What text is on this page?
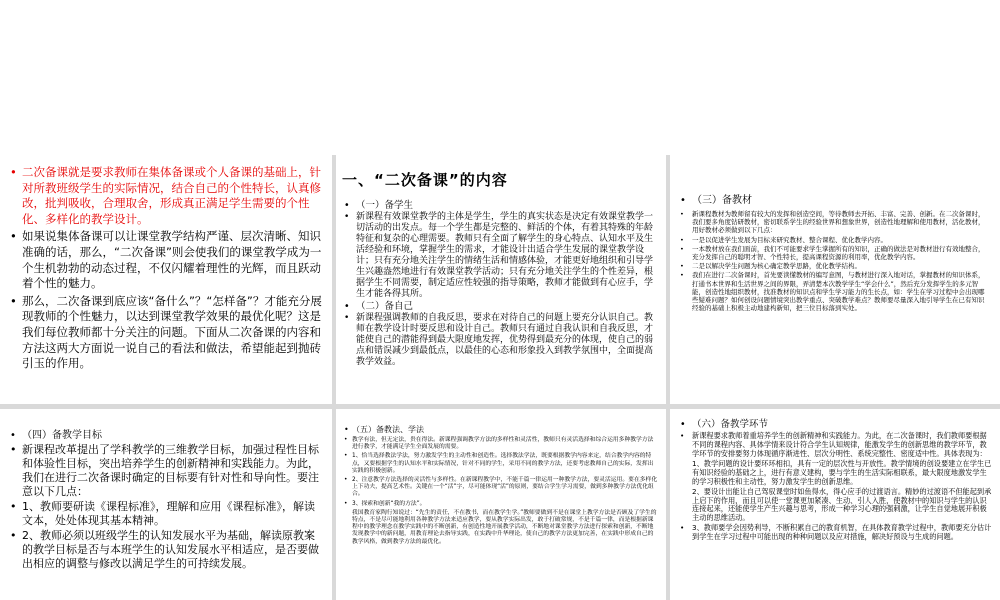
• 二次备课就是要求教师在集体备课或个人备课的基础上，针对所教班级学生的实际情况，结合自己的个性特长，认真修改，批判吸收，合理取舍，形成真正满足学生需要的个性化、多样化的教学设计。
• 如果说集体备课可以让课堂教学结构严谨、层次清晰、知识准确的话，那么，“二次备课”则会使我们的课堂教学成为一个生机勃勃的动态过程，不仅闪耀着理性的光辉，而且跃动着个性的魅力。
• 那么，二次备课到底应该“备什么”？“怎样备”？才能充分展现教师的个性魅力，以达到课堂教学效果的最优化呢？这是我们每位教师都十分关注的问题。下面从二次备课的内容和方法这两大方面说一说自己的看法和做法，希望能起到抛砖引玉的作用。
一、“二次备课”的内容
• （一）备学生
• 新课程有效课堂教学的主体是学生，学生的真实状态是决定有效课堂教学一切活动的出发点。每一个学生都是完整的、鲜活的个体，有着其特殊的年龄特征和复杂的心理需要。教师只有全面了解学生的身心特点、认知水平及生活经验和环境，掌握学生的需求，才能设计出适合学生发展的课堂教学设计；只有充分地关注学生的情绪生活和情感体验，才能更好地组织和引导学生兴趣盎然地进行有效课堂教学活动；只有充分地关注学生的个性差异，根据学生不同需要，制定适应性较强的指导策略，教师才能做到有心应手，学生才能各得其所。
• （二）备自己
• 新课程强调教师的自我反思，要求在对待自己的问题上要充分认识自己。教师在教学设计时要反思和设计自己。教师只有通过自我认识和自我反思，才能使自己的潜能得到最大限度地发挥，优势得到最充分的体现，使自己的弱点和错误减少到最低点，以最佳的心态和形象投入到教学氛围中，全面提高教学效益。
• （三）备教材
• 新课程教材为教师留有较大的发挥和创造空间，等待教师去开拓、丰富、完善、创新。在二次备课时，我们要多角度钻研教材，密切联系学生的经验世界和想象世界，创造性地理解和使用教材，活化教材，用好教材必须做到以下几点：
• 一是以促进学生发展为目标来研究教材、整合课程、优化教学内容。
• 一本教材放在我们面前，我们不可能要求学生掌握所有的知识，正确的做法是对教材进行有效地整合，充分发挥自己的聪明才智、个性特长，提高课程资源的利用率，优化教学内容。
• 二是以解决学生问题为核心确定教学思路，优化教学结构。
• 我们在进行二次备课时，首先要读懂教材的编写意图，与教材进行深入地对话，掌握教材的知识体系，打通书本世界和生活世界之间的界限，弄清楚本次教学学生“学会什么”，然后充分发挥学生的多元智能，创造性地组织教材，找准教材的知识点和学生学习能力的生长点，如：学生在学习过程中会出现哪些疑难问题？如何创设问题情境突出教学重点、突破教学难点？教师要尽量深入地引导学生在已有知识经验的基础上积极主动地建构新知，把三位目标落到实处。
• （四）备教学目标
• 新课程改革提出了学科教学的三维教学目标，加强过程性目标和体验性目标，突出培养学生的创新精神和实践能力。为此，我们在进行二次备课时确定的目标要有针对性和导向性。要注意以下几点：
• 1、教师要研读《课程标准》，理解和应用《课程标准》，解读文本，处处体现其基本精神。
• 2、教师必须以班级学生的认知发展水平为基础，解读原教案的教学目标是否与本班学生的认知发展水平相适应，是否要做出相应的调整与修改以满足学生的可持续发展。
• （五）备教法、学法
• 教学有法，但无定法，贵在得法。新课程强调教学方法的多样性和灵活性，教师只有灵活选择和综合运用多种教学方法进行教学，才能满足学生全面发展的需要。
• 1、恰当选择教法学法，努力激发学生的主动性和创造性。选择教法学法，既要根据教学内容来定，结合教学内容的特点，又要根据学生的认知水平和实际情况，针对不同的学生，采用不同的教学方法，还要考虑教师自己的实际，发挥出实践的积极创新。
• 2、注意教学方法选择的灵活性与多样性。在新课程教学中，不能千篇一律运用一种教学方法，要灵活运用。要在多样化上下功夫，提高艺术性。关键在一个“活”字，尽可能体现“活”的原则，要结合学生学习需要，做到多种教学方法优化组合。
• 3、探索和创新“我的方法”。

我国教育家陶行知说过：“先生的责任，不在教书，而在教学生学。”教师要做到不是在课堂上教学方法是否顾及了学生的特点，不是尽可能地利用各种教学方法来适应教学，要从教学实际出发，敢于打破常规，不是千篇一律，而是根据新课程中的教学理念在教学实践中的不断创新，有创造性地开展教学活动，不断地对课堂教学方法进行探索和创新，不断地发现教学中的新问题，用教育理论去指导实践，在实践中升华理论，使自己的教学方法更加完善，在实践中形成自己的教学风格，做到教学方法的最优化。

• （六）备教学环节
• 新课程要求教师着重培养学生的创新精神和实践能力。为此，在二次备课时，我们教师要根据不同的课程内容、具体学情来设计符合学生认知规律，能激发学生的创新思维的教学环节，教学环节的安排要努力体现循序渐进性、层次分明性、系统完整性、密度适中性。具体表现为：

1、教学问题的设计要环环相扣，具有一定的层次性与开放性。教学情境的创设要建立在学生已有知识经验的基础之上，进行有意义建构，要与学生的生活实际相联系，最大限度地激发学生的学习积极性和主动性，努力激发学生的创新思维。

2、要设计出能让自己驾驭课堂时如鱼得水，得心应手的过渡语言。精妙的过渡语不但能起到承上启下的作用，而且可以使一堂课更加紧凑、生动、引人入胜，使教材中的知识与学生的认识连接起来，还能使学生产生兴趣与思考，形成一种学习心理的强刺激，让学生自觉地展开积极主动的思维活动。

• 3、教师要学会因势利导，不断积累自己的教育机智，在具体教育教学过程中，教师要充分估计到学生在学习过程中可能出现的种种问题以及应对措施，解决好预设与生成的问题。
